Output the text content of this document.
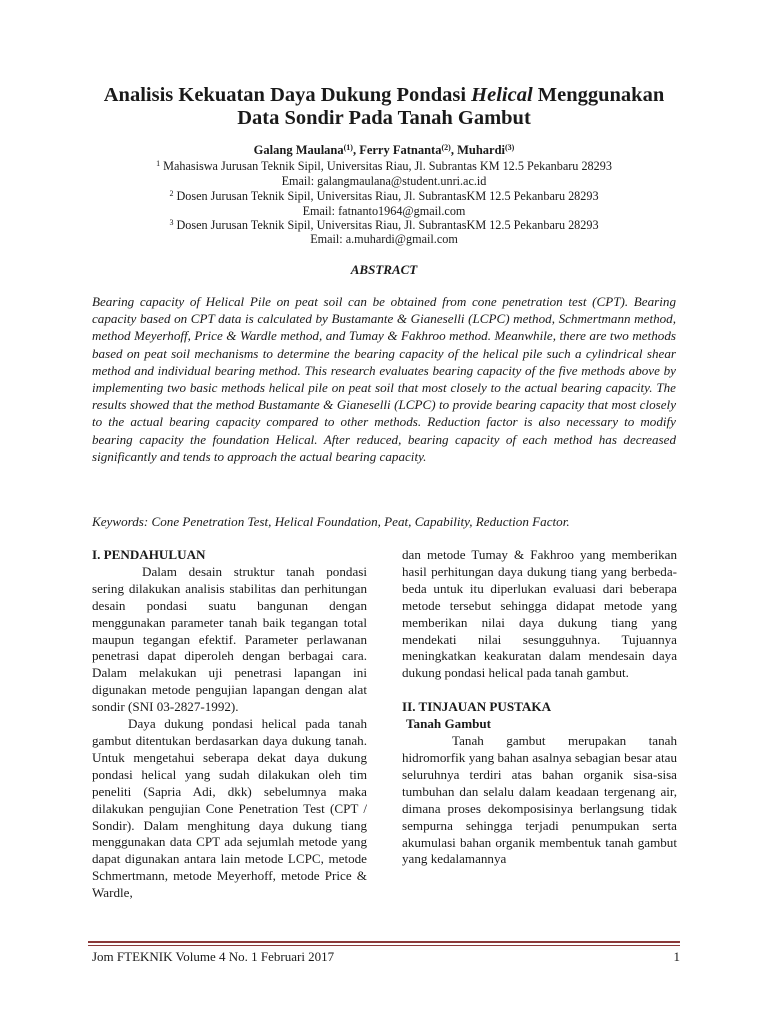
Analisis Kekuatan Daya Dukung Pondasi Helical Menggunakan
Data Sondir Pada Tanah Gambut

Galang Maulana$^{(1)}$, Ferry Fatnanta$^{(2)}$, Muhardi$^{(3)}$

$^1$ Mahasiswa Jurusan Teknik Sipil, Universitas Riau, Jl. Subrantas KM 12.5 Pekanbaru 28293

Email: galangmaulana@student.unri.ac.id

$^2$ Dosen Jurusan Teknik Sipil, Universitas Riau, Jl. SubrantasKM 12.5 Pekanbaru 28293

Email: fatnanto1964@gmail.com

$^3$ Dosen Jurusan Teknik Sipil, Universitas Riau, Jl. SubrantasKM 12.5 Pekanbaru 28293

Email: a.muhardi@gmail.com

ABSTRACT

Bearing capacity of Helical Pile on peat soil can be obtained from cone penetration test (CPT). Bearing capacity based on CPT data is calculated by Bustamante & Gianeselli (LCPC) method, Schmertmann method, method Meyerhoff, Price & Wardle method, and Tumay & Fakhroo method. Meanwhile, there are two methods based on peat soil mechanisms to determine the bearing capacity of the helical pile such a cylindrical shear method and individual bearing method. This research evaluates bearing capacity of the five methods above by implementing two basic methods helical pile on peat soil that most closely to the actual bearing capacity. The results showed that the method Bustamante & Gianeselli (LCPC) to provide bearing capacity that most closely to the actual bearing capacity compared to other methods. Reduction factor is also necessary to modify bearing capacity the foundation Helical. After reduced, bearing capacity of each method has decreased significantly and tends to approach the actual bearing capacity.

Keywords: Cone Penetration Test, Helical Foundation, Peat, Capability, Reduction Factor.

I. PENDAHULUAN

Dalam desain struktur tanah pondasi sering dilakukan analisis stabilitas dan perhitungan desain pondasi suatu bangunan dengan menggunakan parameter tanah baik tegangan total maupun tegangan efektif. Parameter perlawanan penetrasi dapat diperoleh dengan berbagai cara. Dalam melakukan uji penetrasi lapangan ini digunakan metode pengujian lapangan dengan alat sondir (SNI 03-2827-1992).

Daya dukung pondasi helical pada tanah gambut ditentukan berdasarkan daya dukung tanah. Untuk mengetahui seberapa dekat daya dukung pondasi helical yang sudah dilakukan oleh tim peneliti (Sapria Adi, dkk) sebelumnya maka dilakukan pengujian Cone Penetration Test (CPT / Sondir). Dalam menghitung daya dukung tiang menggunakan data CPT ada sejumlah metode yang dapat digunakan antara lain metode LCPC, metode Schmertmann, metode Meyerhoff, metode Price & Wardle,

dan metode Tumay & Fakhroo yang memberikan hasil perhitungan daya dukung tiang yang berbeda-beda untuk itu diperlukan evaluasi dari beberapa metode tersebut sehingga didapat metode yang memberikan nilai daya dukung tiang yang mendekati nilai sesungguhnya. Tujuannya meningkatkan keakuratan dalam mendesain daya dukung pondasi helical pada tanah gambut.

II. TINJAUAN PUSTAKA

Tanah Gambut

Tanah gambut merupakan tanah hidromorfik yang bahan asalnya sebagian besar atau seluruhnya terdiri atas bahan organik sisa-sisa tumbuhan dan selalu dalam keadaan tergenang air, dimana proses dekomposisinya berlangsung tidak sempurna sehingga terjadi penumpukan serta akumulasi bahan organik membentuk tanah gambut yang kedalamannya

Jom FTEKNIK Volume 4 No. 1 Februari 2017	1
